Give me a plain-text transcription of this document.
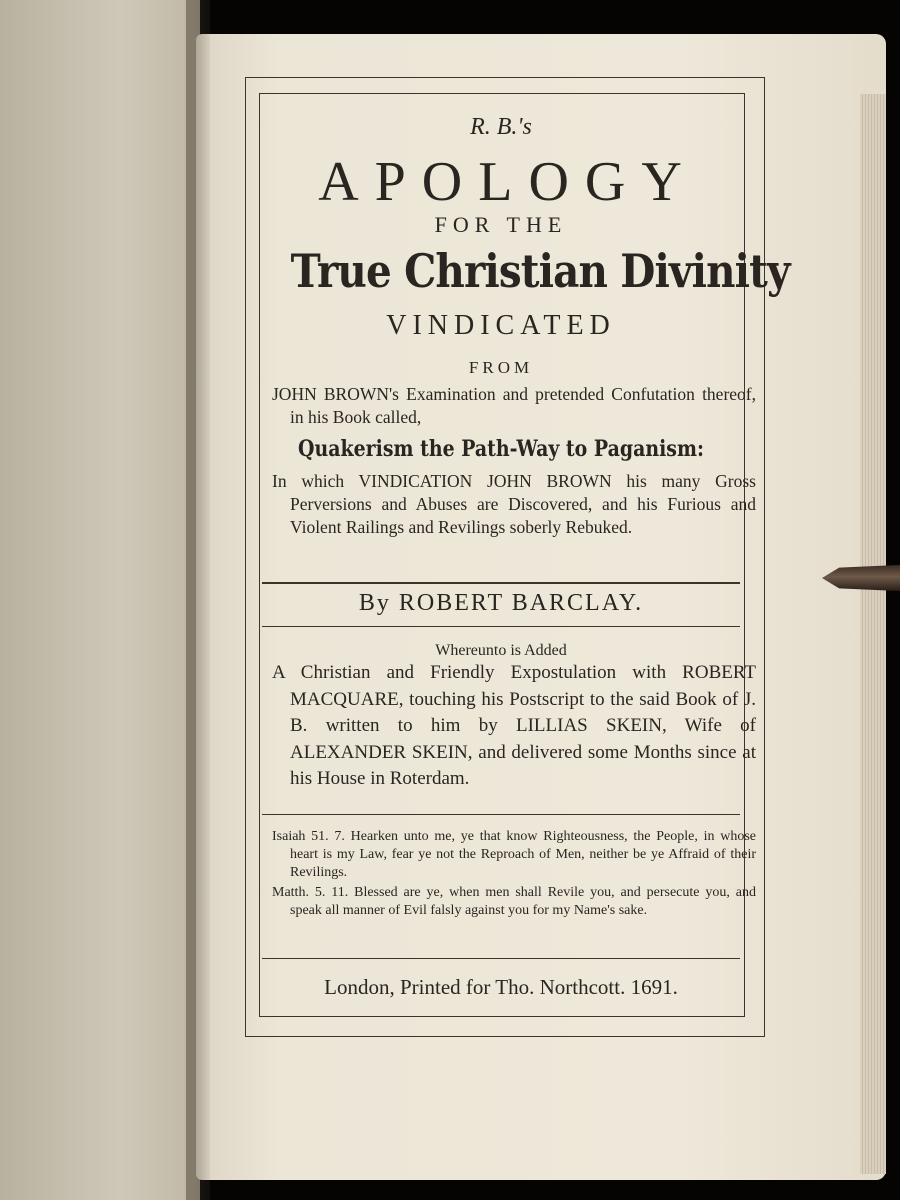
R. B.'s
APOLOGY
FOR THE
True Christian Divinity
VINDICATED
FROM
JOHN BROWN's Examination and pretended Confutation thereof, in his Book called,
Quakerism the Path-Way to Paganism:
In which VINDICATION JOHN BROWN his many Gross Perversions and Abuses are Discovered, and his Furious and Violent Railings and Revilings soberly Rebuked.
By ROBERT BARCLAY.
Whereunto is Added
A Christian and Friendly Expostulation with ROBERT MACQUARE, touching his Postscript to the said Book of J. B. written to him by LILLIAS SKEIN, Wife of ALEXANDER SKEIN, and delivered some Months since at his House in Roterdam.
Isaiah 51. 7. Hearken unto me, ye that know Righteousness, the People, in whose heart is my Law, fear ye not the Reproach of Men, neither be ye Affraid of their Revilings.
Matth. 5. 11. Blessed are ye, when men shall Revile you, and persecute you, and speak all manner of Evil falsly against you for my Name's sake.
London, Printed for Tho. Northcott. 1691.
